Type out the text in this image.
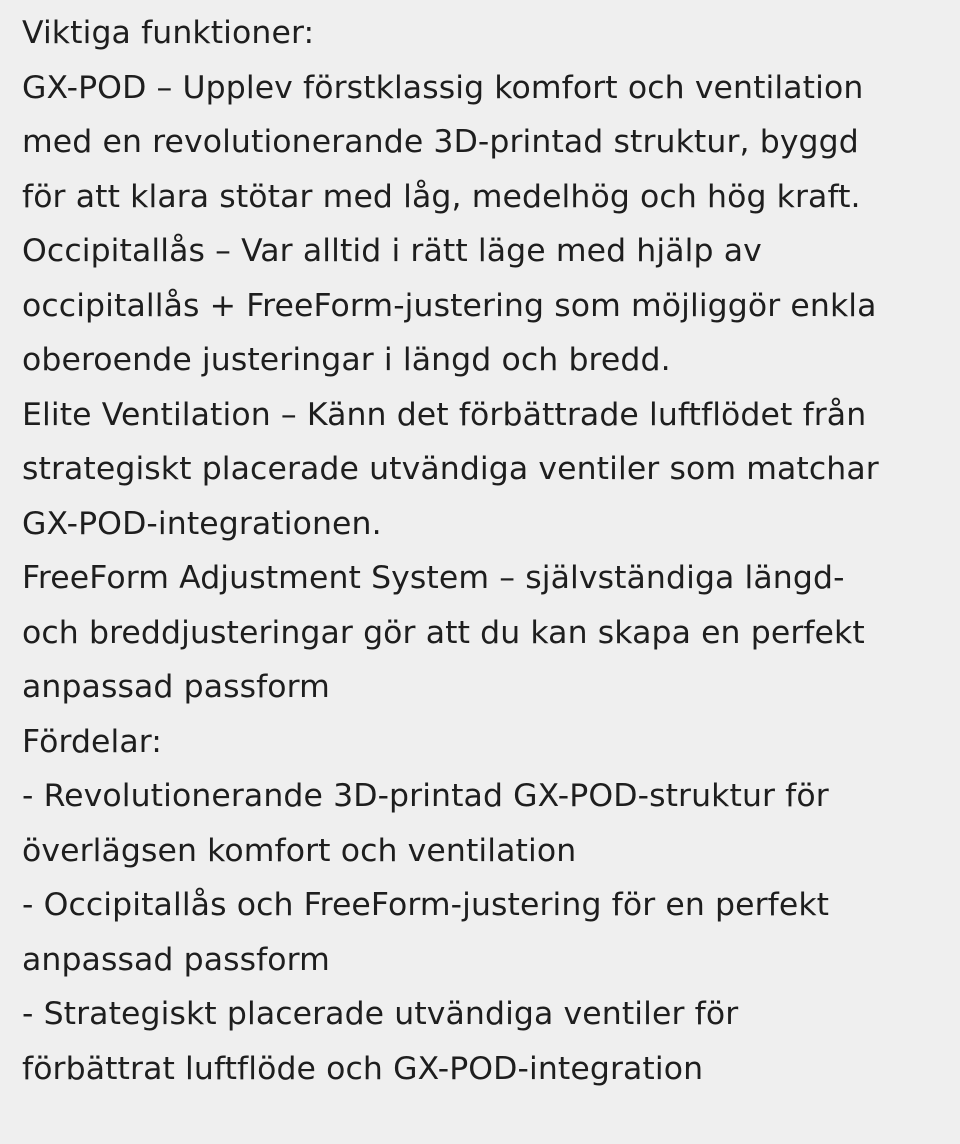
Viktiga funktioner:
GX-POD – Upplev förstklassig komfort och ventilation
med en revolutionerande 3D-printad struktur, byggd
för att klara stötar med låg, medelhög och hög kraft.
Occipitallås – Var alltid i rätt läge med hjälp av
occipitallås + FreeForm-justering som möjliggör enkla
oberoende justeringar i längd och bredd.
Elite Ventilation – Känn det förbättrade luftflödet från
strategiskt placerade utvändiga ventiler som matchar
GX-POD-integrationen.
FreeForm Adjustment System – självständiga längd-
och breddjusteringar gör att du kan skapa en perfekt
anpassad passform
Fördelar:
- Revolutionerande 3D-printad GX-POD-struktur för
överlägsen komfort och ventilation
- Occipitallås och FreeForm-justering för en perfekt
anpassad passform
- Strategiskt placerade utvändiga ventiler för
förbättrat luftflöde och GX-POD-integration
